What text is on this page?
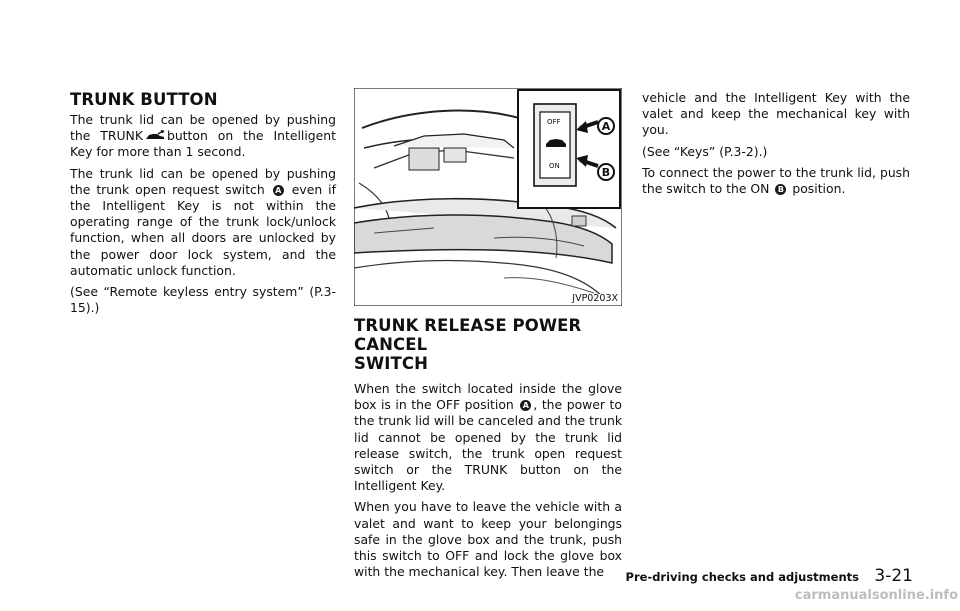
TRUNK BUTTON

The trunk lid can be opened by pushing the TRUNK button on the Intelligent Key for more than 1 second.

The trunk lid can be opened by pushing the trunk open request switch A even if the Intelligent Key is not within the operating range of the trunk lock/unlock function, when all doors are unlocked by the power door lock system, and the automatic unlock function.

(See “Remote keyless entry system” (P.3-15).)

OFF
ON
A
B
JVP0203X
TRUNK RELEASE POWER CANCEL
SWITCH

When the switch located inside the glove box is in the OFF position A , the power to the trunk lid will be canceled and the trunk lid cannot be opened by the trunk lid release switch, the trunk open request switch or the TRUNK button on the Intelligent Key.

When you have to leave the vehicle with a valet and want to keep your belongings safe in the glove box and the trunk, push this switch to OFF and lock the glove box with the mechanical key. Then leave the

vehicle and the Intelligent Key with the valet and keep the mechanical key with you.

(See “Keys” (P.3-2).)

To connect the power to the trunk lid, push the switch to the ON B position.

Pre-driving checks and adjustments 3-21
carmanualsonline.info
